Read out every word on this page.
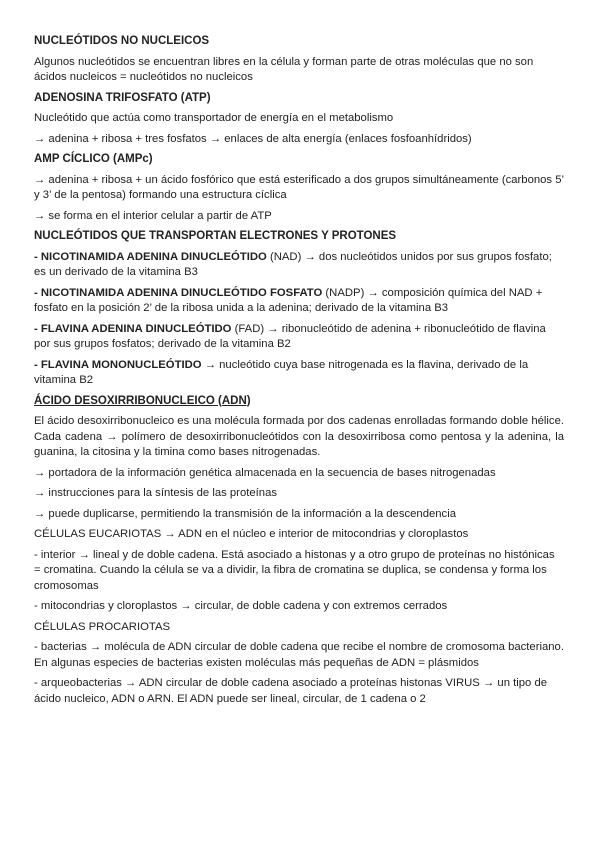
NUCLEÓTIDOS NO NUCLEICOS
Algunos nucleótidos se encuentran libres en la célula y forman parte de otras moléculas que no son ácidos nucleicos = nucleótidos no nucleicos
ADENOSINA TRIFOSFATO (ATP)
Nucleótido que actúa como transportador de energía en el metabolismo
→ adenina + ribosa + tres fosfatos → enlaces de alta energía (enlaces fosfoanhídridos)
AMP CÍCLICO (AMPc)
→ adenina + ribosa + un ácido fosfórico que está esterificado a dos grupos simultáneamente (carbonos 5’ y 3’ de la pentosa) formando una estructura cíclica
→ se forma en el interior celular a partir de ATP
NUCLEÓTIDOS QUE TRANSPORTAN ELECTRONES Y PROTONES
- NICOTINAMIDA ADENINA DINUCLEÓTIDO (NAD) → dos nucleótidos unidos por sus grupos fosfato; es un derivado de la vitamina B3
- NICOTINAMIDA ADENINA DINUCLEÓTIDO FOSFATO (NADP) → composición química del NAD + fosfato en la posición 2’ de la ribosa unida a la adenina; derivado de la vitamina B3
- FLAVINA ADENINA DINUCLEÓTIDO (FAD) → ribonucleótido de adenina + ribonucleótido de flavina por sus grupos fosfatos; derivado de la vitamina B2
- FLAVINA MONONUCLEÓTIDO → nucleótido cuya base nitrogenada es la flavina, derivado de la vitamina B2
ÁCIDO DESOXIRRIBONUCLEICO (ADN)
El ácido desoxirribonucleico es una molécula formada por dos cadenas enrolladas formando doble hélice. Cada cadena → polímero de desoxirribonucleótidos con la desoxirribosa como pentosa y la adenina, la guanina, la citosina y la timina como bases nitrogenadas.
→ portadora de la información genética almacenada en la secuencia de bases nitrogenadas
→ instrucciones para la síntesis de las proteínas
→ puede duplicarse, permitiendo la transmisión de la información a la descendencia
CÉLULAS EUCARIOTAS → ADN en el núcleo e interior de mitocondrias y cloroplastos
- interior → lineal y de doble cadena. Está asociado a histonas y a otro grupo de proteínas no histónicas = cromatina. Cuando la célula se va a dividir, la fibra de cromatina se duplica, se condensa y forma los cromosomas
- mitocondrias y cloroplastos → circular, de doble cadena y con extremos cerrados
CÉLULAS PROCARIOTAS
- bacterias → molécula de ADN circular de doble cadena que recibe el nombre de cromosoma bacteriano. En algunas especies de bacterias existen moléculas más pequeñas de ADN = plásmidos
- arqueobacterias → ADN circular de doble cadena asociado a proteínas histonas VIRUS → un tipo de ácido nucleico, ADN o ARN. El ADN puede ser lineal, circular, de 1 cadena o 2
